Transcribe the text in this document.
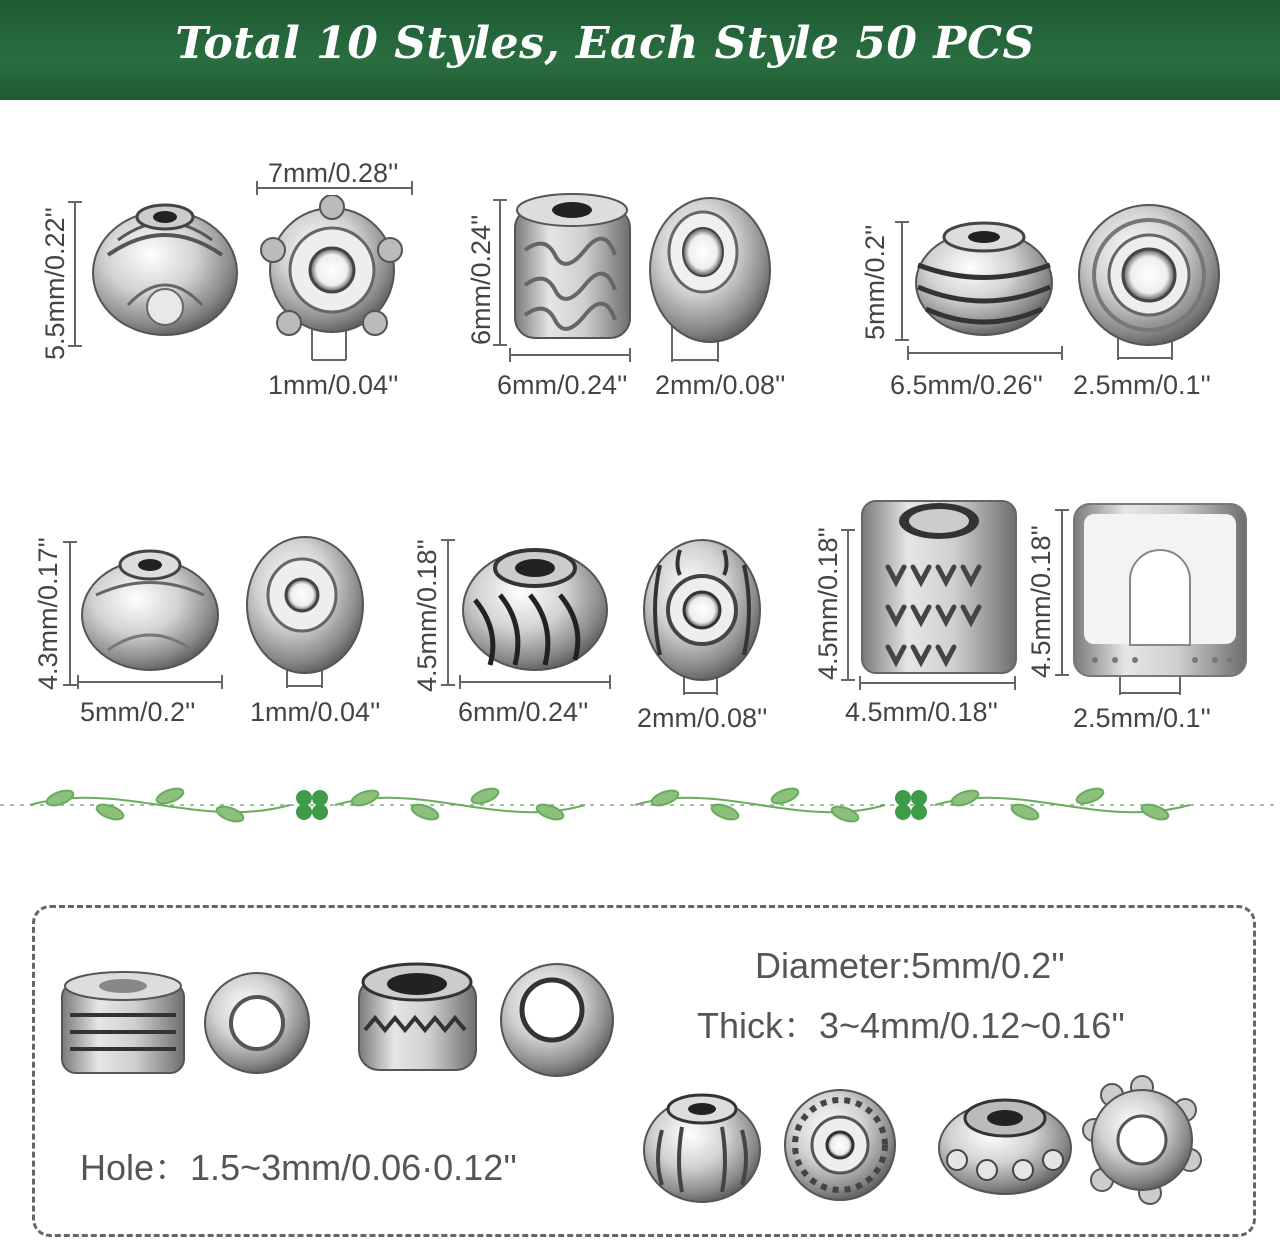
Total 10 Styles, Each Style 50 PCS
5.5mm/0.22''
7mm/0.28''
1mm/0.04''
6mm/0.24''
6mm/0.24'' 2mm/0.08''
5mm/0.2''
6.5mm/0.26'' 2.5mm/0.1''
4.3mm/0.17''
5mm/0.2'' 1mm/0.04''
4.5mm/0.18''
6mm/0.24'' 2mm/0.08''
4.5mm/0.18''
4.5mm/0.18''
4.5mm/0.18''
2.5mm/0.1''
Diameter:5mm/0.2''
Thick：3~4mm/0.12~0.16''
Hole：1.5~3mm/0.06·0.12''
